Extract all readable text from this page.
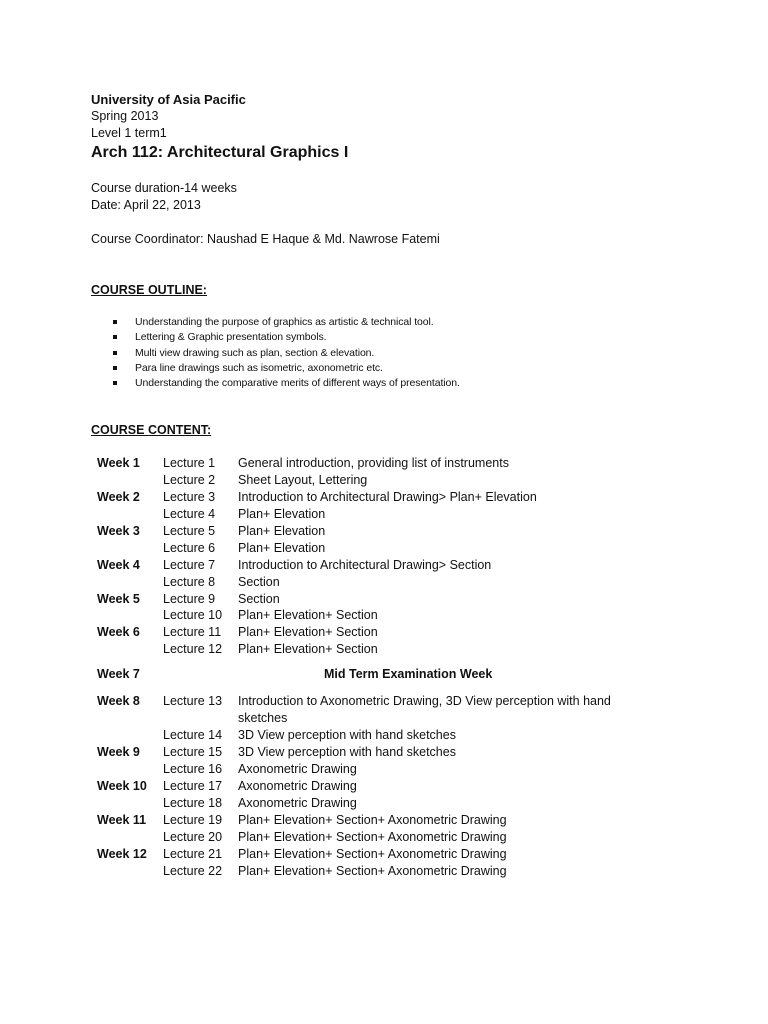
University of Asia Pacific
Spring 2013
Level 1 term1
Arch 112: Architectural Graphics I
Course duration-14 weeks
Date: April 22, 2013
Course Coordinator: Naushad E Haque & Md. Nawrose Fatemi
COURSE OUTLINE:
Understanding the purpose of graphics as artistic & technical tool.
Lettering & Graphic presentation symbols.
Multi view drawing such as plan, section & elevation.
Para line drawings such as isometric, axonometric etc.
Understanding the comparative merits of different ways of presentation.
COURSE CONTENT:
Week 1	Lecture 1	General introduction, providing list of instruments
Lecture 2	Sheet Layout, Lettering
Week 2	Lecture 3	Introduction to Architectural Drawing> Plan+ Elevation
Lecture 4	Plan+ Elevation
Week 3	Lecture 5	Plan+ Elevation
Lecture 6	Plan+ Elevation
Week 4	Lecture 7	Introduction to Architectural Drawing> Section
Lecture 8	Section
Week 5	Lecture 9	Section
Lecture 10	Plan+ Elevation+ Section
Week 6	Lecture 11	Plan+ Elevation+ Section
Lecture 12	Plan+ Elevation+ Section
Week 7	Mid Term Examination Week
Week 8	Lecture 13	Introduction to Axonometric Drawing, 3D View perception with hand sketches
Lecture 14	3D View perception with hand sketches
Week 9	Lecture 15	3D View perception with hand sketches
Lecture 16	Axonometric Drawing
Week 10	Lecture 17	Axonometric Drawing
Lecture 18	Axonometric Drawing
Week 11	Lecture 19	Plan+ Elevation+ Section+ Axonometric Drawing
Lecture 20	Plan+ Elevation+ Section+ Axonometric Drawing
Week 12	Lecture 21	Plan+ Elevation+ Section+ Axonometric Drawing
Lecture 22	Plan+ Elevation+ Section+ Axonometric Drawing
